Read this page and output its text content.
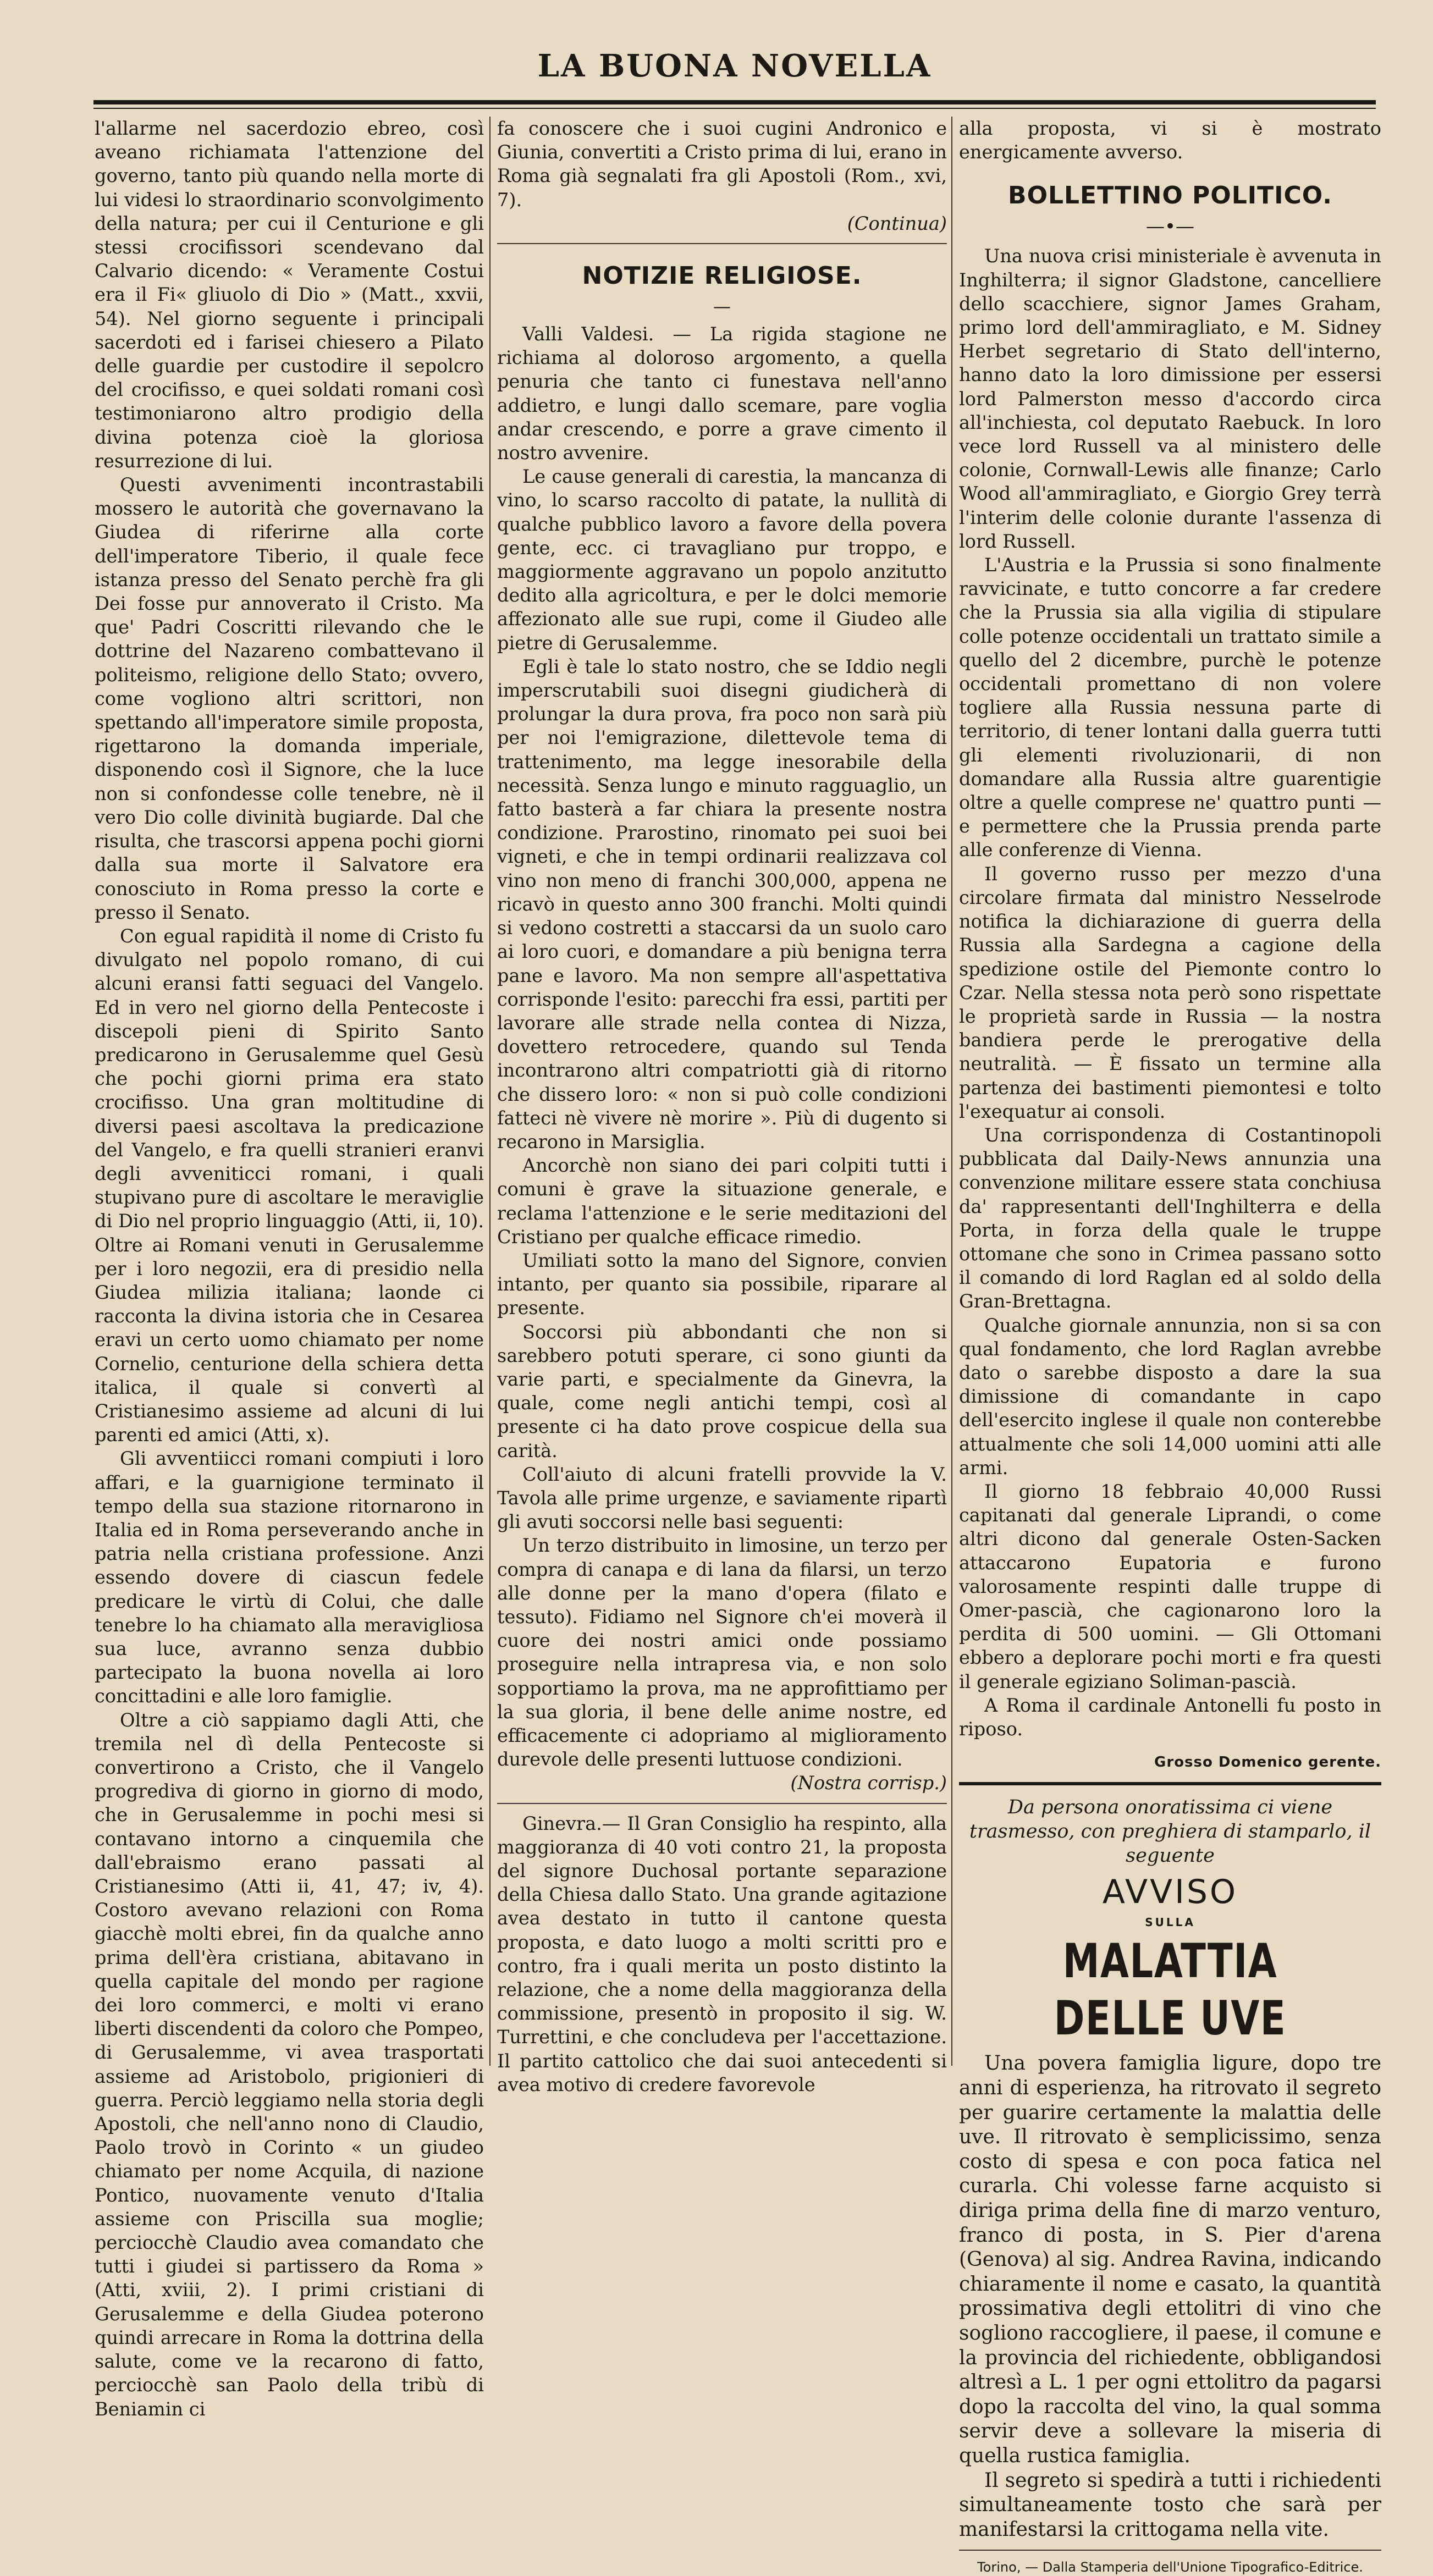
LA BUONA NOVELLA

l'allarme nel sacerdozio ebreo, così aveano richiamata l'attenzione del governo, tanto più quando nella morte di lui videsi lo straordinario sconvolgimento della natura; per cui il Centurione e gli stessi crocifissori scendevano dal Calvario dicendo: « Veramente Costui era il Fi« gliuolo di Dio » (Matt., xxvii, 54). Nel giorno seguente i principali sacerdoti ed i farisei chiesero a Pilato delle guardie per custodire il sepolcro del crocifisso, e quei soldati romani così testimoniarono altro prodigio della divina potenza cioè la gloriosa resurrezione di lui.

Questi avvenimenti incontrastabili mossero le autorità che governavano la Giudea di riferirne alla corte dell'imperatore Tiberio, il quale fece istanza presso del Senato perchè fra gli Dei fosse pur annoverato il Cristo. Ma que' Padri Coscritti rilevando che le dottrine del Nazareno combattevano il politeismo, religione dello Stato; ovvero, come vogliono altri scrittori, non spettando all'imperatore simile proposta, rigettarono la domanda imperiale, disponendo così il Signore, che la luce non si confondesse colle tenebre, nè il vero Dio colle divinità bugiarde. Dal che risulta, che trascorsi appena pochi giorni dalla sua morte il Salvatore era conosciuto in Roma presso la corte e presso il Senato.

Con egual rapidità il nome di Cristo fu divulgato nel popolo romano, di cui alcuni eransi fatti seguaci del Vangelo. Ed in vero nel giorno della Pentecoste i discepoli pieni di Spirito Santo predicarono in Gerusalemme quel Gesù che pochi giorni prima era stato crocifisso. Una gran moltitudine di diversi paesi ascoltava la predicazione del Vangelo, e fra quelli stranieri eranvi degli avveniticci romani, i quali stupivano pure di ascoltare le meraviglie di Dio nel proprio linguaggio (Atti, ii, 10). Oltre ai Romani venuti in Gerusalemme per i loro negozii, era di presidio nella Giudea milizia italiana; laonde ci racconta la divina istoria che in Cesarea eravi un certo uomo chiamato per nome Cornelio, centurione della schiera detta italica, il quale si convertì al Cristianesimo assieme ad alcuni di lui parenti ed amici (Atti, x).

Gli avventiicci romani compiuti i loro affari, e la guarnigione terminato il tempo della sua stazione ritornarono in Italia ed in Roma perseverando anche in patria nella cristiana professione. Anzi essendo dovere di ciascun fedele predicare le virtù di Colui, che dalle tenebre lo ha chiamato alla meravigliosa sua luce, avranno senza dubbio partecipato la buona novella ai loro concittadini e alle loro famiglie.

Oltre a ciò sappiamo dagli Atti, che tremila nel dì della Pentecoste si convertirono a Cristo, che il Vangelo progrediva di giorno in giorno di modo, che in Gerusalemme in pochi mesi si contavano intorno a cinquemila che dall'ebraismo erano passati al Cristianesimo (Atti ii, 41, 47; iv, 4). Costoro avevano relazioni con Roma giacchè molti ebrei, fin da qualche anno prima dell'èra cristiana, abitavano in quella capitale del mondo per ragione dei loro commerci, e molti vi erano liberti discendenti da coloro che Pompeo, di Gerusalemme, vi avea trasportati assieme ad Aristobolo, prigionieri di guerra. Perciò leggiamo nella storia degli Apostoli, che nell'anno nono di Claudio, Paolo trovò in Corinto « un giudeo chiamato per nome Acquila, di nazione Pontico, nuovamente venuto d'Italia assieme con Priscilla sua moglie; perciocchè Claudio avea comandato che tutti i giudei si partissero da Roma » (Atti, xviii, 2). I primi cristiani di Gerusalemme e della Giudea poterono quindi arrecare in Roma la dottrina della salute, come ve la recarono di fatto, perciocchè san Paolo della tribù di Beniamin ci

fa conoscere che i suoi cugini Andronico e Giunia, convertiti a Cristo prima di lui, erano in Roma già segnalati fra gli Apostoli (Rom., xvi, 7).

(Continua)
NOTIZIE RELIGIOSE.
—

Valli Valdesi. — La rigida stagione ne richiama al doloroso argomento, a quella penuria che tanto ci funestava nell'anno addietro, e lungi dallo scemare, pare voglia andar crescendo, e porre a grave cimento il nostro avvenire.

Le cause generali di carestia, la mancanza di vino, lo scarso raccolto di patate, la nullità di qualche pubblico lavoro a favore della povera gente, ecc. ci travagliano pur troppo, e maggiormente aggravano un popolo anzitutto dedito alla agricoltura, e per le dolci memorie affezionato alle sue rupi, come il Giudeo alle pietre di Gerusalemme.

Egli è tale lo stato nostro, che se Iddio negli imperscrutabili suoi disegni giudicherà di prolungar la dura prova, fra poco non sarà più per noi l'emigrazione, dilettevole tema di trattenimento, ma legge inesorabile della necessità. Senza lungo e minuto ragguaglio, un fatto basterà a far chiara la presente nostra condizione. Prarostino, rinomato pei suoi bei vigneti, e che in tempi ordinarii realizzava col vino non meno di franchi 300,000, appena ne ricavò in questo anno 300 franchi. Molti quindi si vedono costretti a staccarsi da un suolo caro ai loro cuori, e domandare a più benigna terra pane e lavoro. Ma non sempre all'aspettativa corrisponde l'esito: parecchi fra essi, partiti per lavorare alle strade nella contea di Nizza, dovettero retrocedere, quando sul Tenda incontrarono altri compatriotti già di ritorno che dissero loro: « non si può colle condizioni fatteci nè vivere nè morire ». Più di dugento si recarono in Marsiglia.

Ancorchè non siano dei pari colpiti tutti i comuni è grave la situazione generale, e reclama l'attenzione e le serie meditazioni del Cristiano per qualche efficace rimedio.

Umiliati sotto la mano del Signore, convien intanto, per quanto sia possibile, riparare al presente.

Soccorsi più abbondanti che non si sarebbero potuti sperare, ci sono giunti da varie parti, e specialmente da Ginevra, la quale, come negli antichi tempi, così al presente ci ha dato prove cospicue della sua carità.

Coll'aiuto di alcuni fratelli provvide la V. Tavola alle prime urgenze, e saviamente ripartì gli avuti soccorsi nelle basi seguenti:

Un terzo distribuito in limosine, un terzo per compra di canapa e di lana da filarsi, un terzo alle donne per la mano d'opera (filato e tessuto). Fidiamo nel Signore ch'ei moverà il cuore dei nostri amici onde possiamo proseguire nella intrapresa via, e non solo sopportiamo la prova, ma ne approfittiamo per la sua gloria, il bene delle anime nostre, ed efficacemente ci adopriamo al miglioramento durevole delle presenti luttuose condizioni.

(Nostra corrisp.)

Ginevra.— Il Gran Consiglio ha respinto, alla maggioranza di 40 voti contro 21, la proposta del signore Duchosal portante separazione della Chiesa dallo Stato. Una grande agitazione avea destato in tutto il cantone questa proposta, e dato luogo a molti scritti pro e contro, fra i quali merita un posto distinto la relazione, che a nome della maggioranza della commissione, presentò in proposito il sig. W. Turrettini, e che concludeva per l'accettazione. Il partito cattolico che dai suoi antecedenti si avea motivo di credere favorevole

alla proposta, vi si è mostrato energicamente avverso.

BOLLETTINO POLITICO.
—•—

Una nuova crisi ministeriale è avvenuta in Inghilterra; il signor Gladstone, cancelliere dello scacchiere, signor James Graham, primo lord dell'ammiragliato, e M. Sidney Herbet segretario di Stato dell'interno, hanno dato la loro dimissione per essersi lord Palmerston messo d'accordo circa all'inchiesta, col deputato Raebuck. In loro vece lord Russell va al ministero delle colonie, Cornwall-Lewis alle finanze; Carlo Wood all'ammiragliato, e Giorgio Grey terrà l'interim delle colonie durante l'assenza di lord Russell.

L'Austria e la Prussia si sono finalmente ravvicinate, e tutto concorre a far credere che la Prussia sia alla vigilia di stipulare colle potenze occidentali un trattato simile a quello del 2 dicembre, purchè le potenze occidentali promettano di non volere togliere alla Russia nessuna parte di territorio, di tener lontani dalla guerra tutti gli elementi rivoluzionarii, di non domandare alla Russia altre guarentigie oltre a quelle comprese ne' quattro punti — e permettere che la Prussia prenda parte alle conferenze di Vienna.

Il governo russo per mezzo d'una circolare firmata dal ministro Nesselrode notifica la dichiarazione di guerra della Russia alla Sardegna a cagione della spedizione ostile del Piemonte contro lo Czar. Nella stessa nota però sono rispettate le proprietà sarde in Russia — la nostra bandiera perde le prerogative della neutralità. — È fissato un termine alla partenza dei bastimenti piemontesi e tolto l'exequatur ai consoli.

Una corrispondenza di Costantinopoli pubblicata dal Daily-News annunzia una convenzione militare essere stata conchiusa da' rappresentanti dell'Inghilterra e della Porta, in forza della quale le truppe ottomane che sono in Crimea passano sotto il comando di lord Raglan ed al soldo della Gran-Brettagna.

Qualche giornale annunzia, non si sa con qual fondamento, che lord Raglan avrebbe dato o sarebbe disposto a dare la sua dimissione di comandante in capo dell'esercito inglese il quale non conterebbe attualmente che soli 14,000 uomini atti alle armi.

Il giorno 18 febbraio 40,000 Russi capitanati dal generale Liprandi, o come altri dicono dal generale Osten-Sacken attaccarono Eupatoria e furono valorosamente respinti dalle truppe di Omer-pascià, che cagionarono loro la perdita di 500 uomini. — Gli Ottomani ebbero a deplorare pochi morti e fra questi il generale egiziano Soliman-pascià.

A Roma il cardinale Antonelli fu posto in riposo.

Grosso Domenico gerente.
Da persona onoratissima ci viene trasmesso, con preghiera di stamparlo, il seguente
AVVISO
SULLA
MALATTIA DELLE UVE

Una povera famiglia ligure, dopo tre anni di esperienza, ha ritrovato il segreto per guarire certamente la malattia delle uve. Il ritrovato è semplicissimo, senza costo di spesa e con poca fatica nel curarla. Chi volesse farne acquisto si diriga prima della fine di marzo venturo, franco di posta, in S. Pier d'arena (Genova) al sig. Andrea Ravina, indicando chiaramente il nome e casato, la quantità prossimativa degli ettolitri di vino che sogliono raccogliere, il paese, il comune e la provincia del richiedente, obbligandosi altresì a L. 1 per ogni ettolitro da pagarsi dopo la raccolta del vino, la qual somma servir deve a sollevare la miseria di quella rustica famiglia.

Il segreto si spedirà a tutti i richiedenti simultaneamente tosto che sarà per manifestarsi la crittogama nella vite.

Torino, — Dalla Stamperia dell'Unione Tipografico-Editrice.
